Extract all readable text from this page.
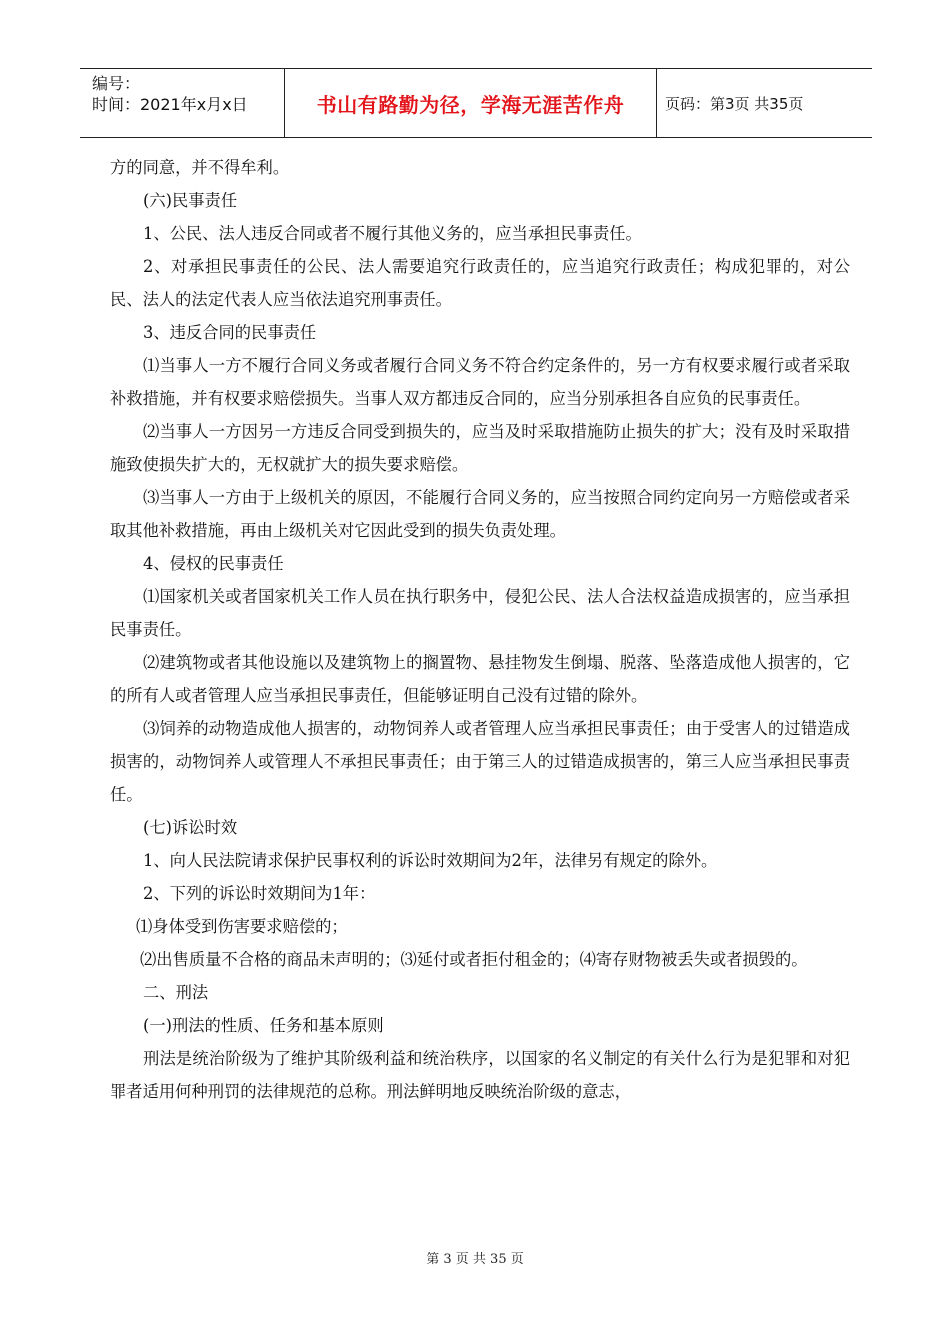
编号：
时间：2021年x月x日	书山有路勤为径，学海无涯苦作舟	页码：第3页 共35页

方的同意，并不得牟利。

(六)民事责任

1、公民、法人违反合同或者不履行其他义务的，应当承担民事责任。

2、对承担民事责任的公民、法人需要追究行政责任的，应当追究行政责任；构成犯罪的，对公民、法人的法定代表人应当依法追究刑事责任。

3、违反合同的民事责任

⑴当事人一方不履行合同义务或者履行合同义务不符合约定条件的，另一方有权要求履行或者采取补救措施，并有权要求赔偿损失。当事人双方都违反合同的，应当分别承担各自应负的民事责任。

⑵当事人一方因另一方违反合同受到损失的，应当及时采取措施防止损失的扩大；没有及时采取措施致使损失扩大的，无权就扩大的损失要求赔偿。

⑶当事人一方由于上级机关的原因，不能履行合同义务的，应当按照合同约定向另一方赔偿或者采取其他补救措施，再由上级机关对它因此受到的损失负责处理。

4、侵权的民事责任

⑴国家机关或者国家机关工作人员在执行职务中，侵犯公民、法人合法权益造成损害的，应当承担民事责任。

⑵建筑物或者其他设施以及建筑物上的搁置物、悬挂物发生倒塌、脱落、坠落造成他人损害的，它的所有人或者管理人应当承担民事责任，但能够证明自己没有过错的除外。

⑶饲养的动物造成他人损害的，动物饲养人或者管理人应当承担民事责任；由于受害人的过错造成损害的，动物饲养人或管理人不承担民事责任；由于第三人的过错造成损害的，第三人应当承担民事责任。

(七)诉讼时效

1、向人民法院请求保护民事权利的诉讼时效期间为2年，法律另有规定的除外。

2、下列的诉讼时效期间为1年：

⑴身体受到伤害要求赔偿的；

⑵出售质量不合格的商品未声明的；⑶延付或者拒付租金的；⑷寄存财物被丢失或者损毁的。

二、刑法

(一)刑法的性质、任务和基本原则

刑法是统治阶级为了维护其阶级利益和统治秩序，以国家的名义制定的有关什么行为是犯罪和对犯罪者适用何种刑罚的法律规范的总称。刑法鲜明地反映统治阶级的意志，

第 3 页 共 35 页
